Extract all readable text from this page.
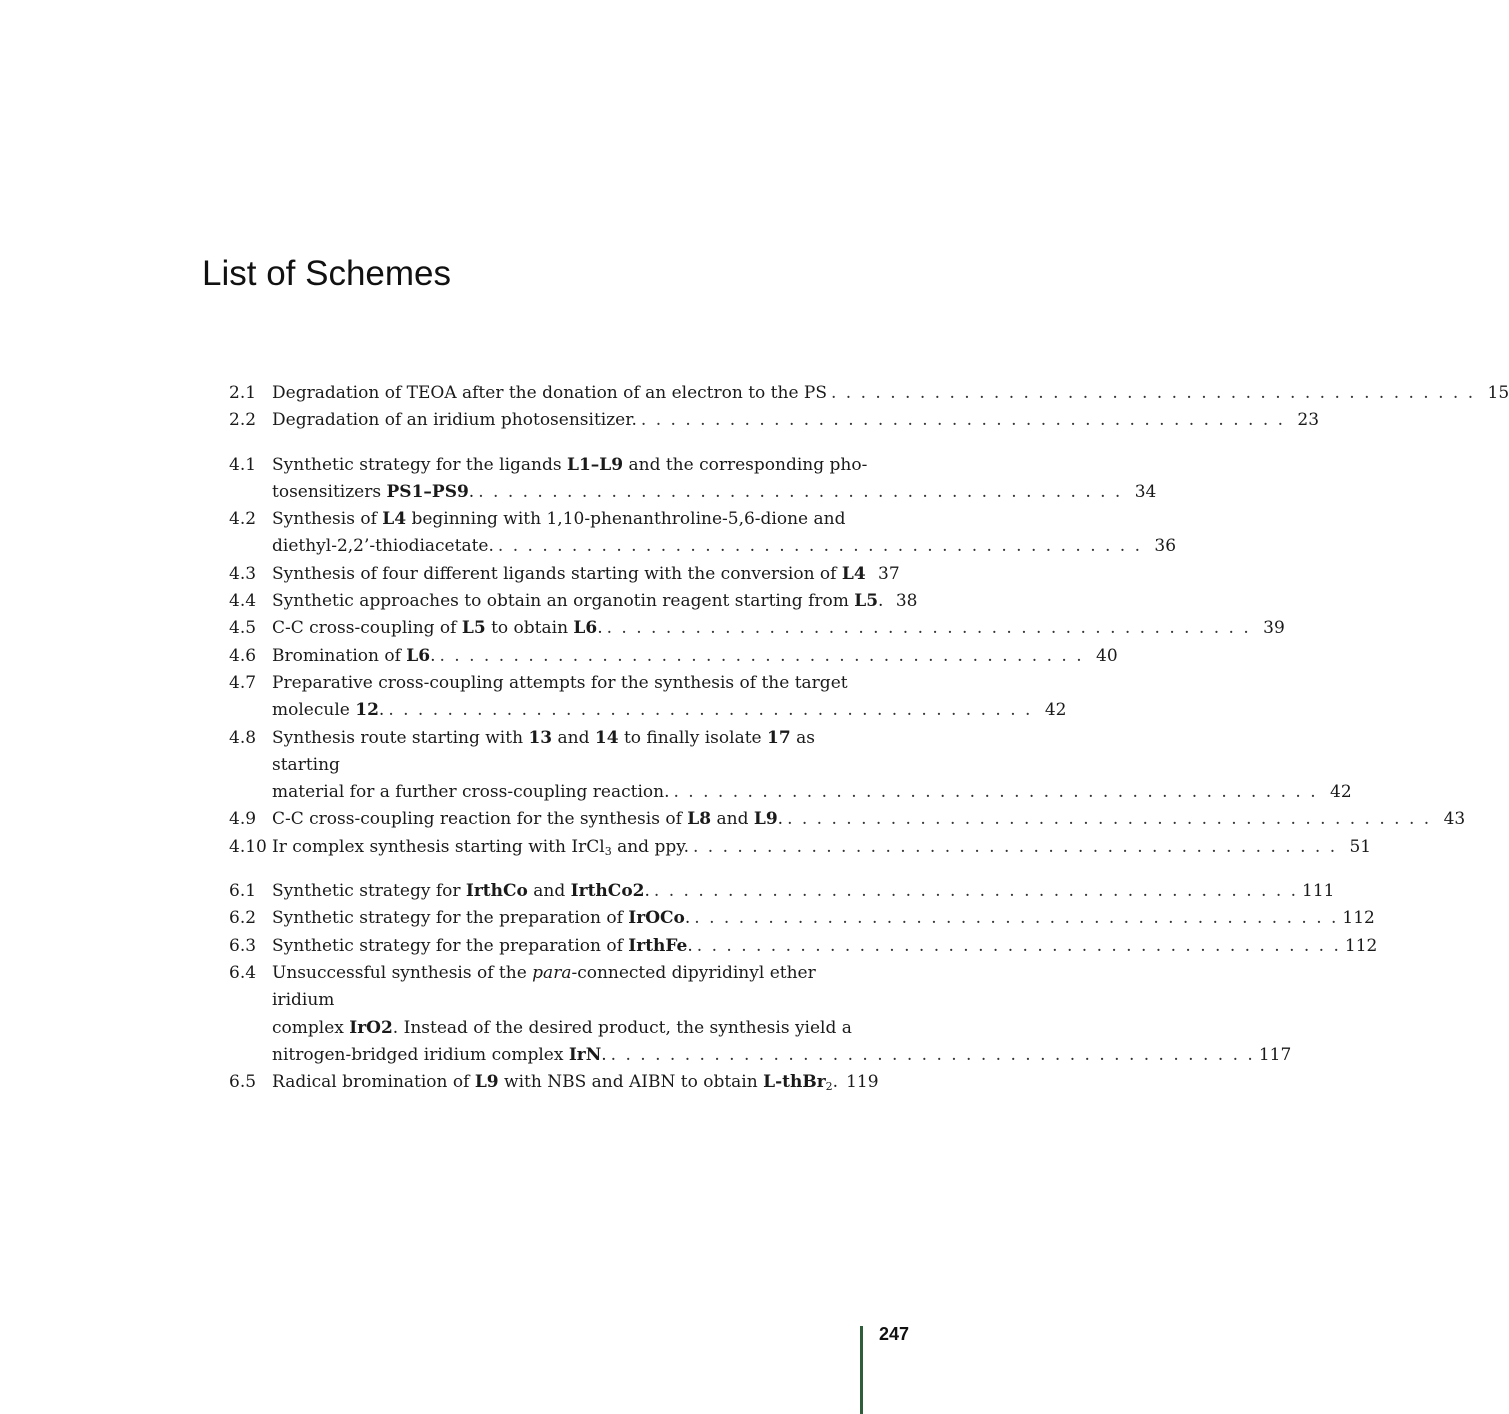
List of Schemes
2.1 Degradation of TEOA after the donation of an electron to the PS . . . . . . . . . . . . . . . . . . . . . . . . . . . . . . . . . . . . . . . . . . . . 15
2.2 Degradation of an iridium photosensitizer. . . . . . . . . . . . . . . . . . . . . . . . . . . . . . . . . . . . . . . . . . . . . 23
4.1 Synthetic strategy for the ligands L1–L9 and the corresponding pho-
tosensitizers PS1–PS9. . . . . . . . . . . . . . . . . . . . . . . . . . . . . . . . . . . . . . . . . . . . . 34
4.2 Synthesis of L4 beginning with 1,10-phenanthroline-5,6-dione and
diethyl-2,2’-thiodiacetate. . . . . . . . . . . . . . . . . . . . . . . . . . . . . . . . . . . . . . . . . . . . . 36
4.3 Synthesis of four different ligands starting with the conversion of L4 37
4.4 Synthetic approaches to obtain an organotin reagent starting from L5. 38
4.5 C-C cross-coupling of L5 to obtain L6. . . . . . . . . . . . . . . . . . . . . . . . . . . . . . . . . . . . . . . . . . . . . 39
4.6 Bromination of L6. . . . . . . . . . . . . . . . . . . . . . . . . . . . . . . . . . . . . . . . . . . . . 40
4.7 Preparative cross-coupling attempts for the synthesis of the target
molecule 12. . . . . . . . . . . . . . . . . . . . . . . . . . . . . . . . . . . . . . . . . . . . . 42
4.8 Synthesis route starting with 13 and 14 to finally isolate 17 as starting
material for a further cross-coupling reaction. . . . . . . . . . . . . . . . . . . . . . . . . . . . . . . . . . . . . . . . . . . . . 42
4.9 C-C cross-coupling reaction for the synthesis of L8 and L9. . . . . . . . . . . . . . . . . . . . . . . . . . . . . . . . . . . . . . . . . . . . . 43
4.10 Ir complex synthesis starting with IrCl$_3$ and ppy. . . . . . . . . . . . . . . . . . . . . . . . . . . . . . . . . . . . . . . . . . . . . 51
6.1 Synthetic strategy for IrthCo and IrthCo2. . . . . . . . . . . . . . . . . . . . . . . . . . . . . . . . . . . . . . . . . . . . . 111
6.2 Synthetic strategy for the preparation of IrOCo. . . . . . . . . . . . . . . . . . . . . . . . . . . . . . . . . . . . . . . . . . . . . 112
6.3 Synthetic strategy for the preparation of IrthFe. . . . . . . . . . . . . . . . . . . . . . . . . . . . . . . . . . . . . . . . . . . . . 112
6.4 Unsuccessful synthesis of the para-connected dipyridinyl ether iridium
complex IrO2. Instead of the desired product, the synthesis yield a
nitrogen-bridged iridium complex IrN. . . . . . . . . . . . . . . . . . . . . . . . . . . . . . . . . . . . . . . . . . . . . 117
6.5 Radical bromination of L9 with NBS and AIBN to obtain L-thBr$_2$. 119
247
